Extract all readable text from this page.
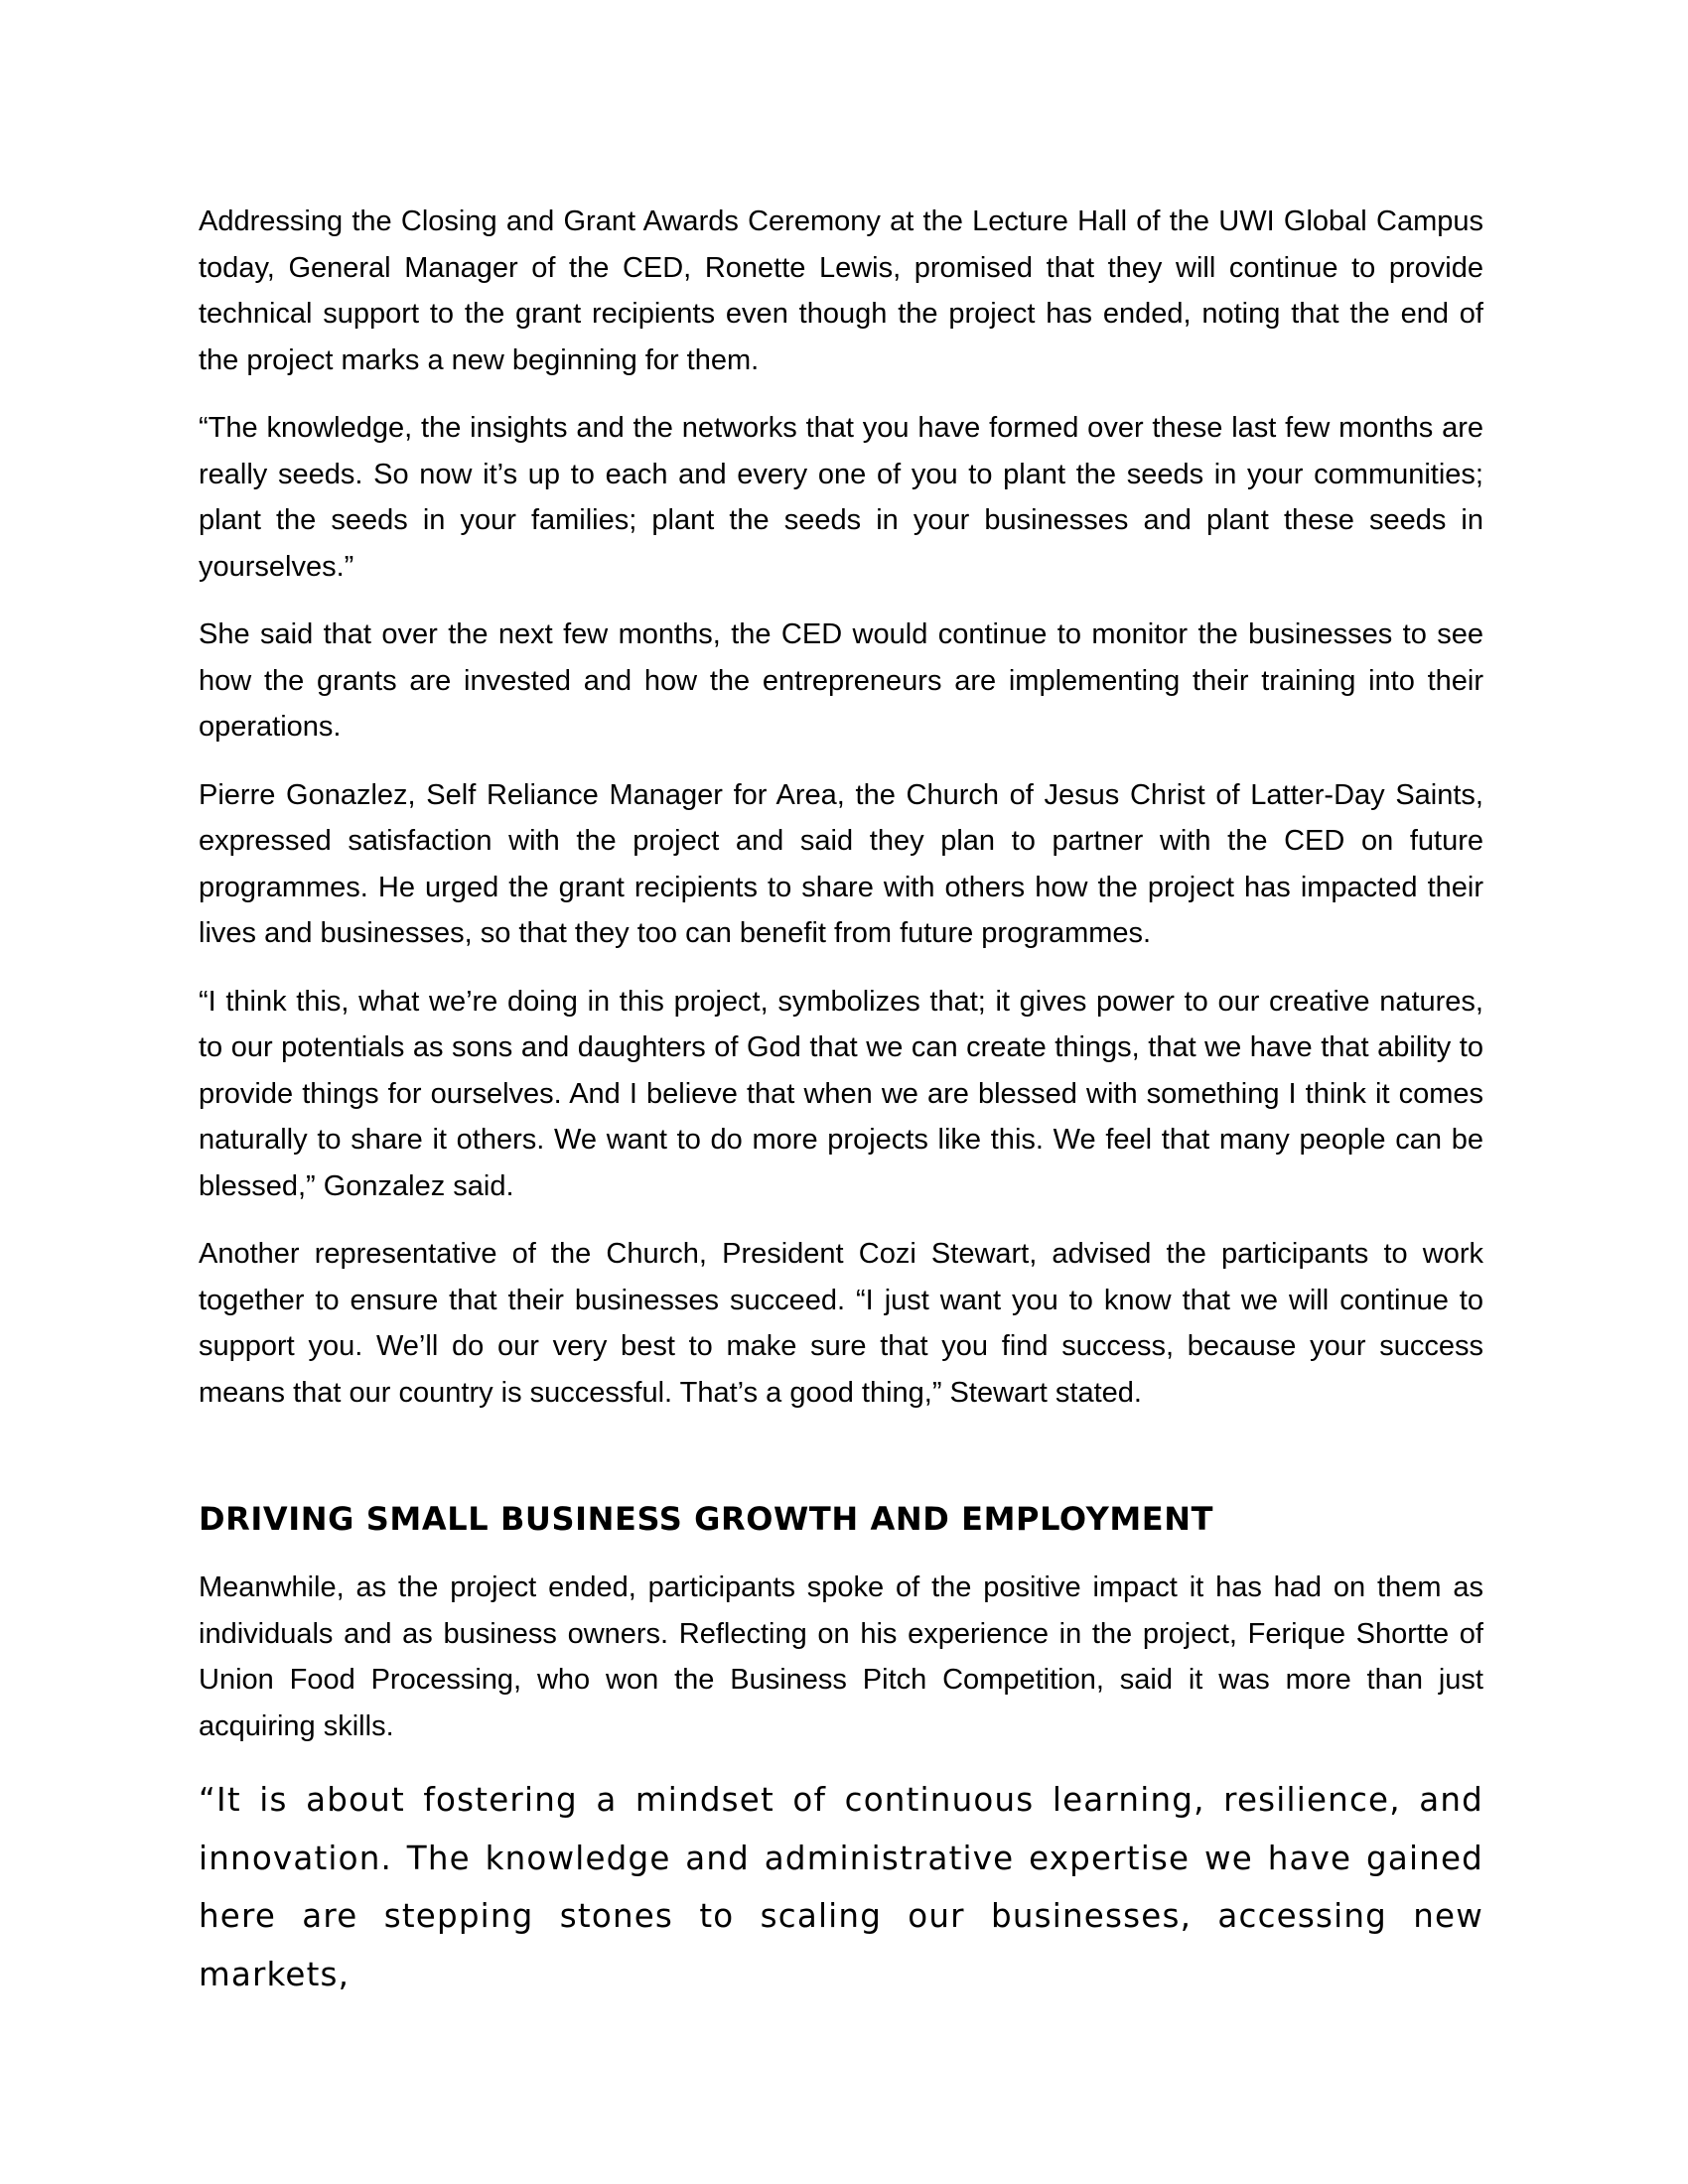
Addressing the Closing and Grant Awards Ceremony at the Lecture Hall of the UWI Global Campus today, General Manager of the CED, Ronette Lewis, promised that they will continue to provide technical support to the grant recipients even though the project has ended, noting that the end of the project marks a new beginning for them.

“The knowledge, the insights and the networks that you have formed over these last few months are really seeds. So now it’s up to each and every one of you to plant the seeds in your communities; plant the seeds in your families; plant the seeds in your businesses and plant these seeds in yourselves.”

She said that over the next few months, the CED would continue to monitor the businesses to see how the grants are invested and how the entrepreneurs are implementing their training into their operations.

Pierre Gonazlez, Self Reliance Manager for Area, the Church of Jesus Christ of Latter-Day Saints, expressed satisfaction with the project and said they plan to partner with the CED on future programmes. He urged the grant recipients to share with others how the project has impacted their lives and businesses, so that they too can benefit from future programmes.

“I think this, what we’re doing in this project, symbolizes that; it gives power to our creative natures, to our potentials as sons and daughters of God that we can create things, that we have that ability to provide things for ourselves. And I believe that when we are blessed with something I think it comes naturally to share it others. We want to do more projects like this. We feel that many people can be blessed,” Gonzalez said.

Another representative of the Church, President Cozi Stewart, advised the participants to work together to ensure that their businesses succeed. “I just want you to know that we will continue to support you. We’ll do our very best to make sure that you find success, because your success means that our country is successful. That’s a good thing,” Stewart stated.

DRIVING SMALL BUSINESS GROWTH AND EMPLOYMENT

Meanwhile, as the project ended, participants spoke of the positive impact it has had on them as individuals and as business owners. Reflecting on his experience in the project, Ferique Shortte of Union Food Processing, who won the Business Pitch Competition, said it was more than just acquiring skills.

“It is about fostering a mindset of continuous learning, resilience, and innovation. The knowledge and administrative expertise we have gained here are stepping stones to scaling our businesses, accessing new markets,
